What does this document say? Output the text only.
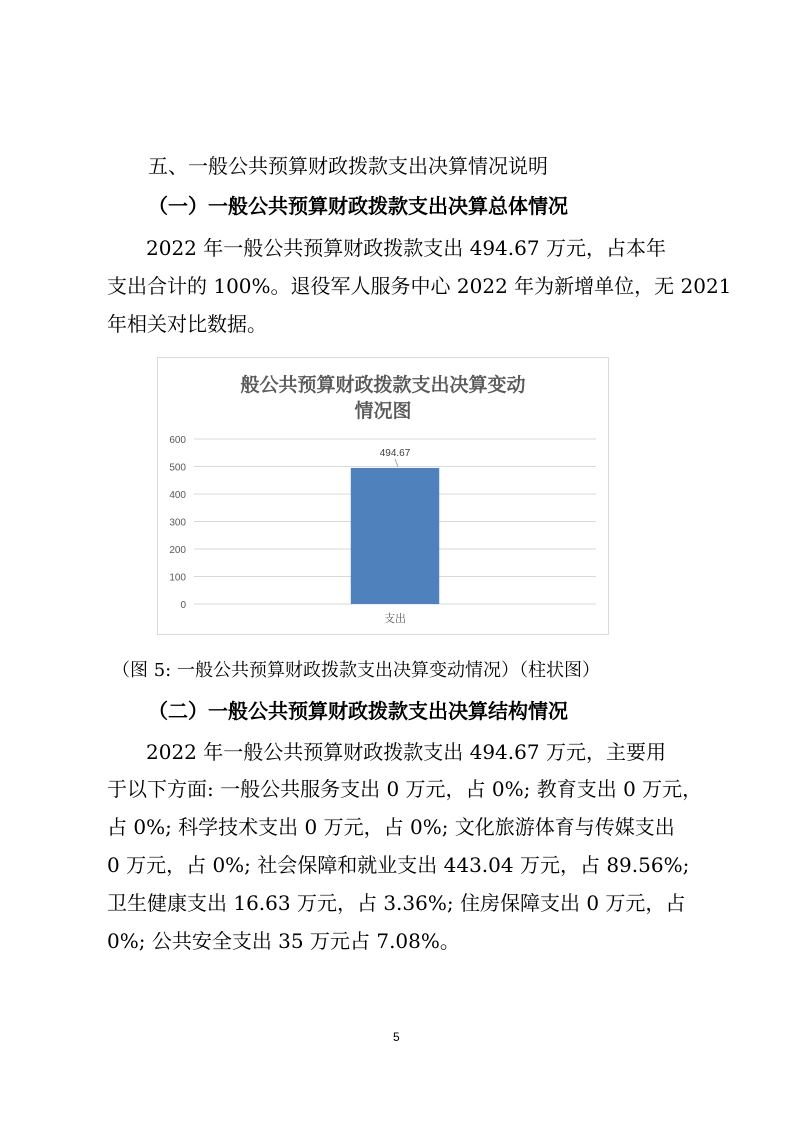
五、一般公共预算财政拨款支出决算情况说明
（一）一般公共预算财政拨款支出决算总体情况
2022 年一般公共预算财政拨款支出 494.67 万元，占本年
支出合计的 100%。退役军人服务中心 2022 年为新增单位，无 2021
年相关对比数据。
般公共预算财政拨款支出决算变动
情况图
0
100
200
300
400
500
600
494.67
支出
（图 5: 一般公共预算财政拨款支出决算变动情况）（柱状图）
（二）一般公共预算财政拨款支出决算结构情况
2022 年一般公共预算财政拨款支出 494.67 万元，主要用
于以下方面: 一般公共服务支出 0 万元，占 0%; 教育支出 0 万元，
占 0%; 科学技术支出 0 万元，占 0%; 文化旅游体育与传媒支出
0 万元，占 0%; 社会保障和就业支出 443.04 万元，占 89.56%;
卫生健康支出 16.63 万元，占 3.36%; 住房保障支出 0 万元，占
0%; 公共安全支出 35 万元占 7.08%。
5
